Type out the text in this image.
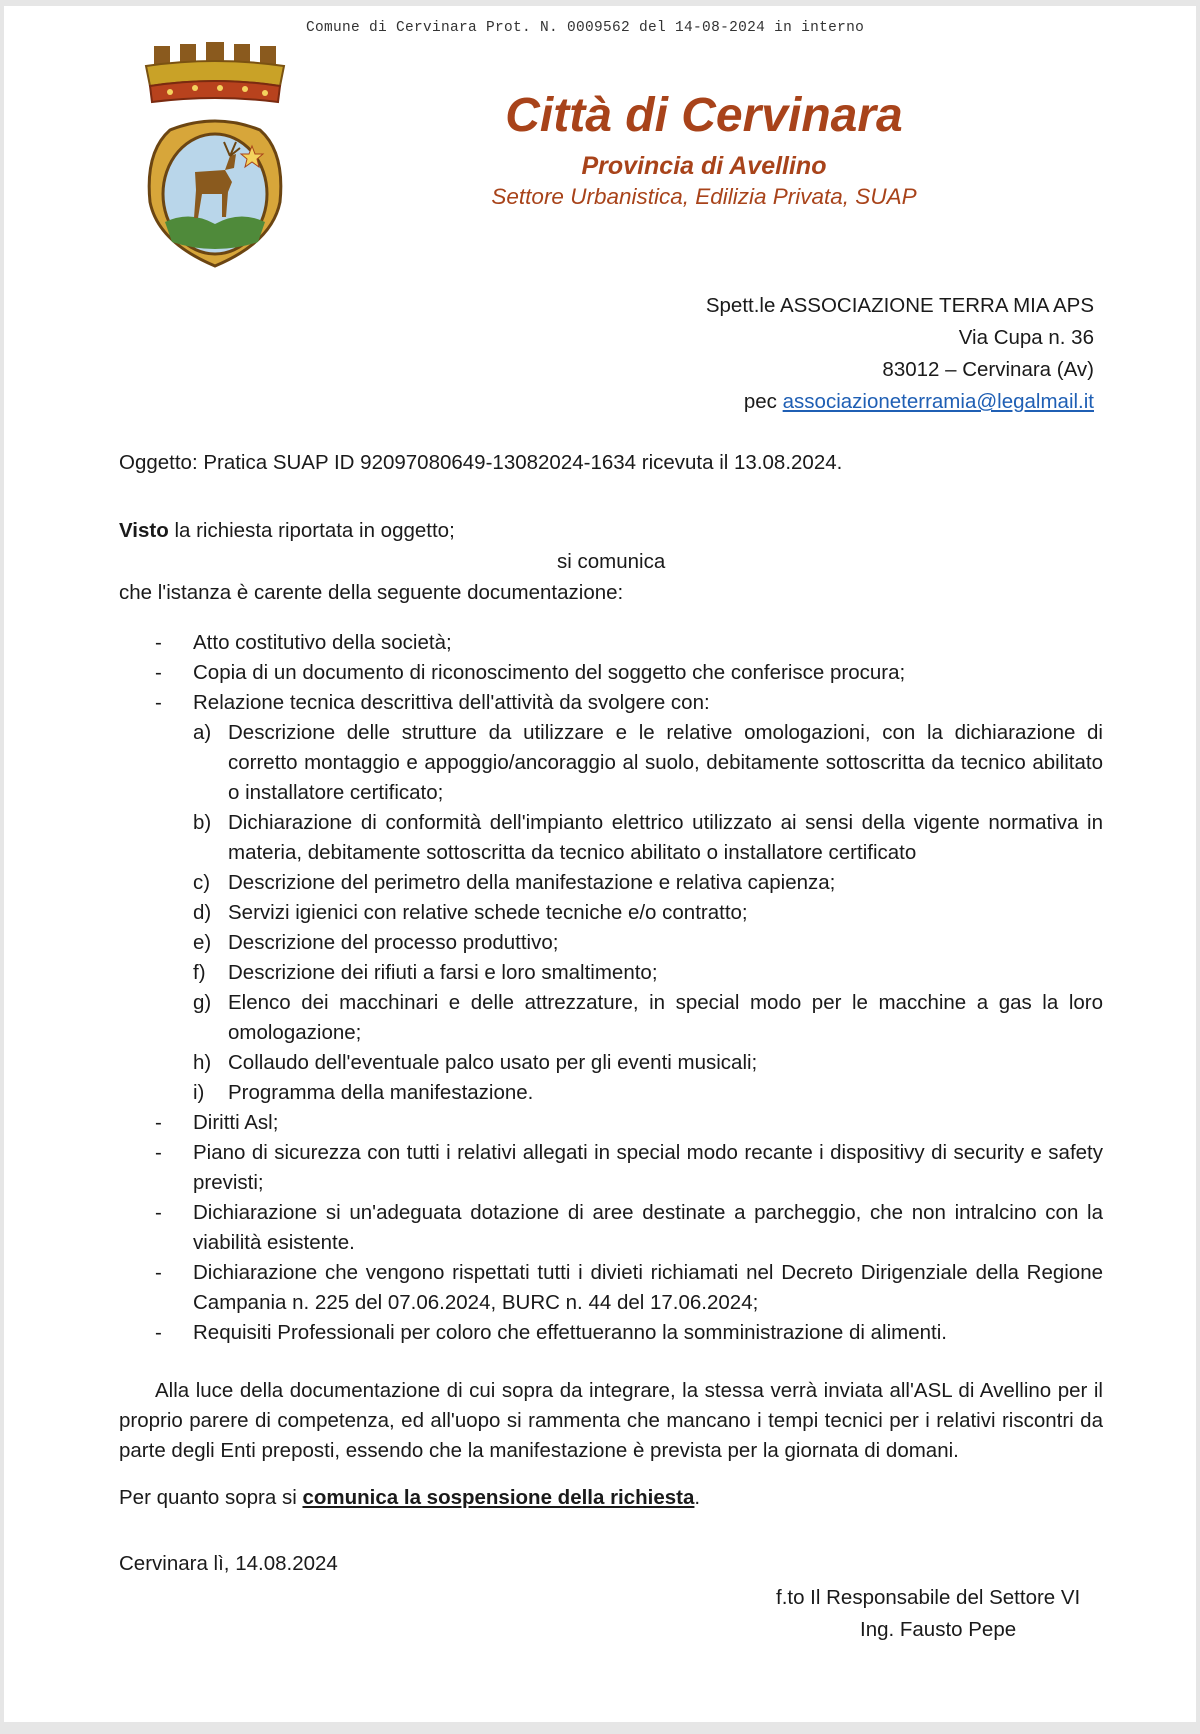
Comune di Cervinara Prot. N. 0009562 del 14-08-2024 in interno
Città di Cervinara
Provincia di Avellino
Settore Urbanistica, Edilizia Privata, SUAP
Spett.le ASSOCIAZIONE TERRA MIA APS
Via Cupa n. 36
83012 – Cervinara (Av)
pec associazioneterramia@legalmail.it
Oggetto: Pratica SUAP ID 92097080649-13082024-1634 ricevuta il 13.08.2024.
Visto la richiesta riportata in oggetto;
si comunica
che l'istanza è carente della seguente documentazione:
- Atto costitutivo della società;
- Copia di un documento di riconoscimento del soggetto che conferisce procura;
- Relazione tecnica descrittiva dell'attività da svolgere con:
a) Descrizione delle strutture da utilizzare e le relative omologazioni, con la dichiarazione di corretto montaggio e appoggio/ancoraggio al suolo, debitamente sottoscritta da tecnico abilitato o installatore certificato;
b) Dichiarazione di conformità dell'impianto elettrico utilizzato ai sensi della vigente normativa in materia, debitamente sottoscritta da tecnico abilitato o installatore certificato
c) Descrizione del perimetro della manifestazione e relativa capienza;
d) Servizi igienici con relative schede tecniche e/o contratto;
e) Descrizione del processo produttivo;
f) Descrizione dei rifiuti a farsi e loro smaltimento;
g) Elenco dei macchinari e delle attrezzature, in special modo per le macchine a gas la loro omologazione;
h) Collaudo dell'eventuale palco usato per gli eventi musicali;
i) Programma della manifestazione.
- Diritti Asl;
- Piano di sicurezza con tutti i relativi allegati in special modo recante i dispositivy di security e safety previsti;
- Dichiarazione si un'adeguata dotazione di aree destinate a parcheggio, che non intralcino con la viabilità esistente.
- Dichiarazione che vengono rispettati tutti i divieti richiamati nel Decreto Dirigenziale della Regione Campania n. 225 del 07.06.2024, BURC n. 44 del 17.06.2024;
- Requisiti Professionali per coloro che effettueranno la somministrazione di alimenti.
Alla luce della documentazione di cui sopra da integrare, la stessa verrà inviata all'ASL di Avellino per il proprio parere di competenza, ed all'uopo si rammenta che mancano i tempi tecnici per i relativi riscontri da parte degli Enti preposti, essendo che la manifestazione è prevista per la giornata di domani.
Per quanto sopra si comunica la sospensione della richiesta.
Cervinara lì, 14.08.2024
f.to Il Responsabile del Settore VI
Ing. Fausto Pepe
